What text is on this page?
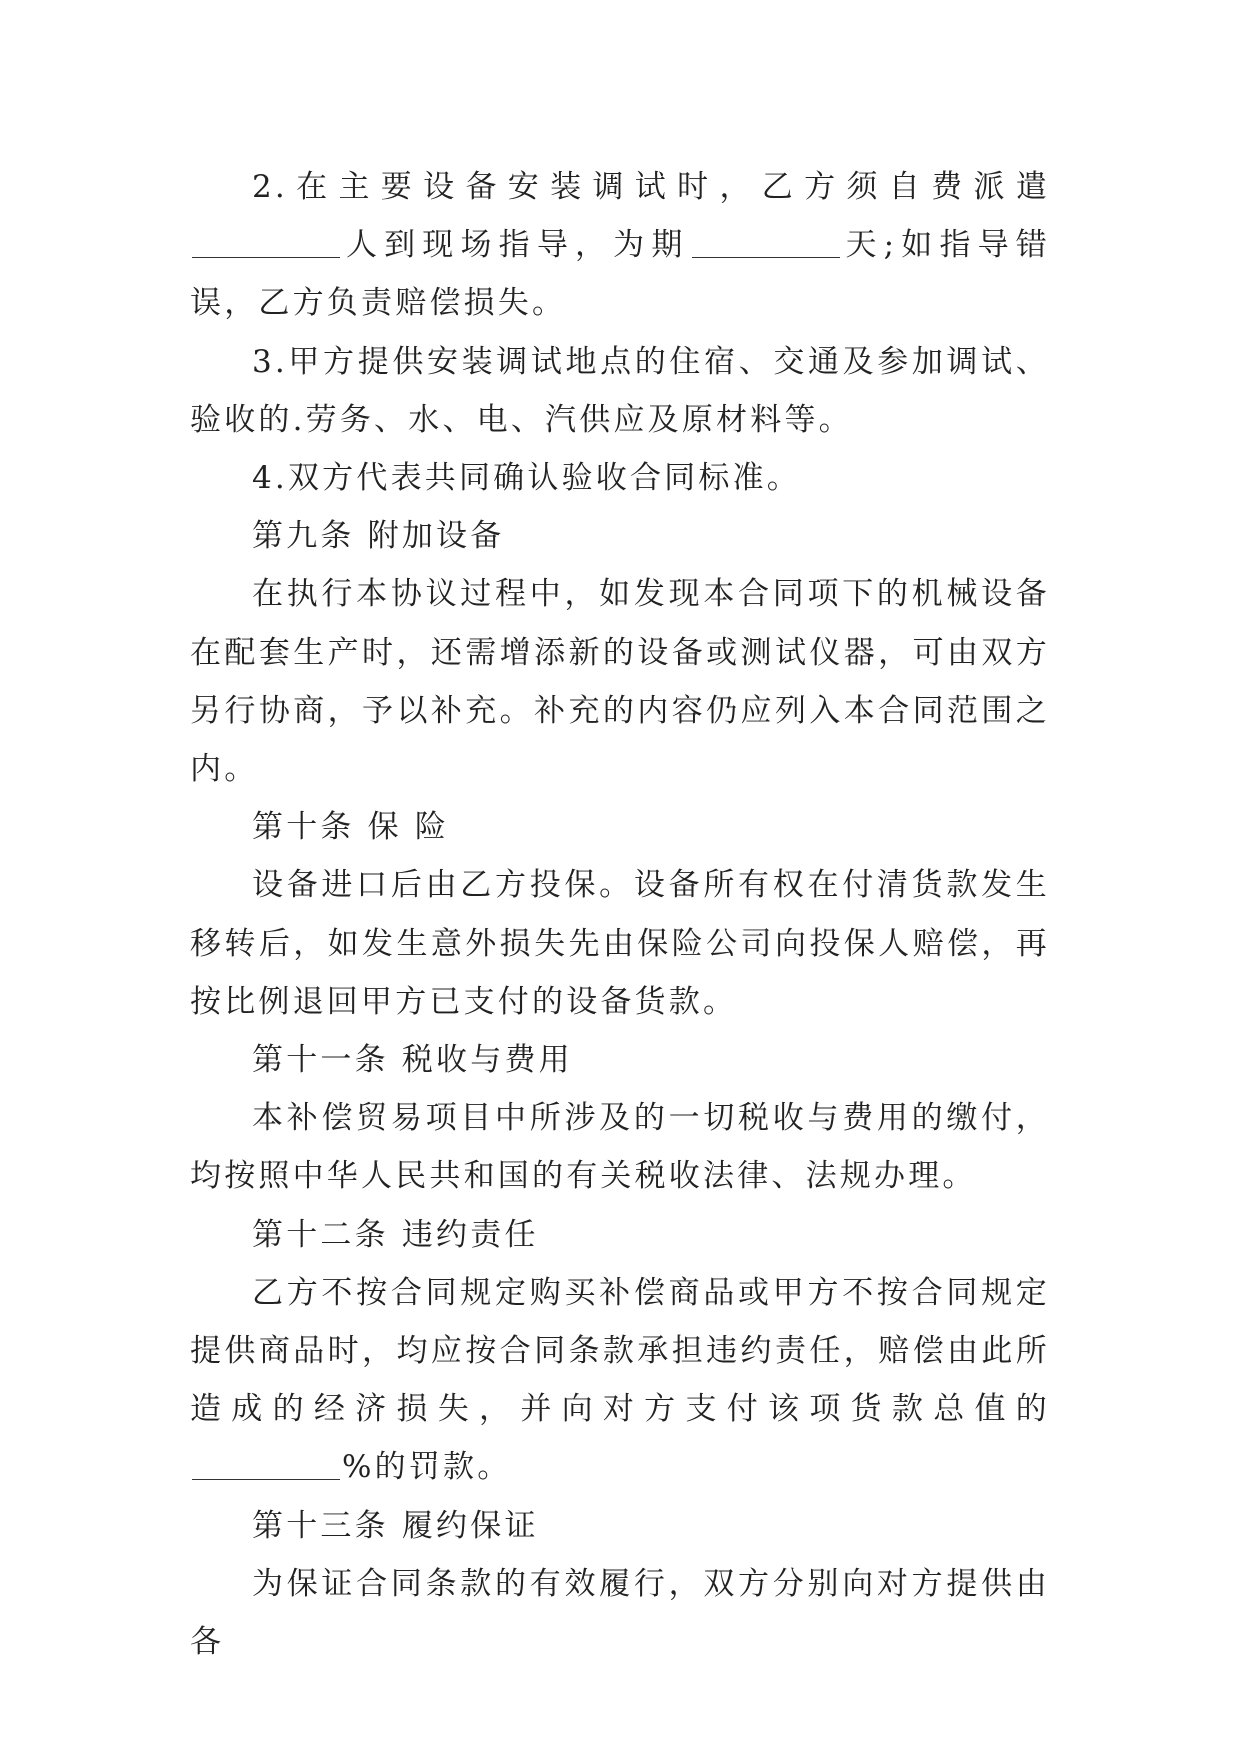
2.在主要设备安装调试时，乙方须自费派遣人到现场指导，为期	天;如指导错误，乙方负责赔偿损失。

3.甲方提供安装调试地点的住宿、交通及参加调试、验收的.劳务、水、电、汽供应及原材料等。

4.双方代表共同确认验收合同标准。

第九条 附加设备

在执行本协议过程中，如发现本合同项下的机械设备在配套生产时，还需增添新的设备或测试仪器，可由双方另行协商，予以补充。补充的内容仍应列入本合同范围之内。

第十条 保 险

设备进口后由乙方投保。设备所有权在付清货款发生移转后，如发生意外损失先由保险公司向投保人赔偿，再按比例退回甲方已支付的设备货款。

第十一条 税收与费用

本补偿贸易项目中所涉及的一切税收与费用的缴付，均按照中华人民共和国的有关税收法律、法规办理。

第十二条 违约责任

乙方不按合同规定购买补偿商品或甲方不按合同规定提供商品时，均应按合同条款承担违约责任，赔偿由此所造成的经济损失，并向对方支付该项货款总值的%的罚款。

第十三条 履约保证

为保证合同条款的有效履行，双方分别向对方提供由各
